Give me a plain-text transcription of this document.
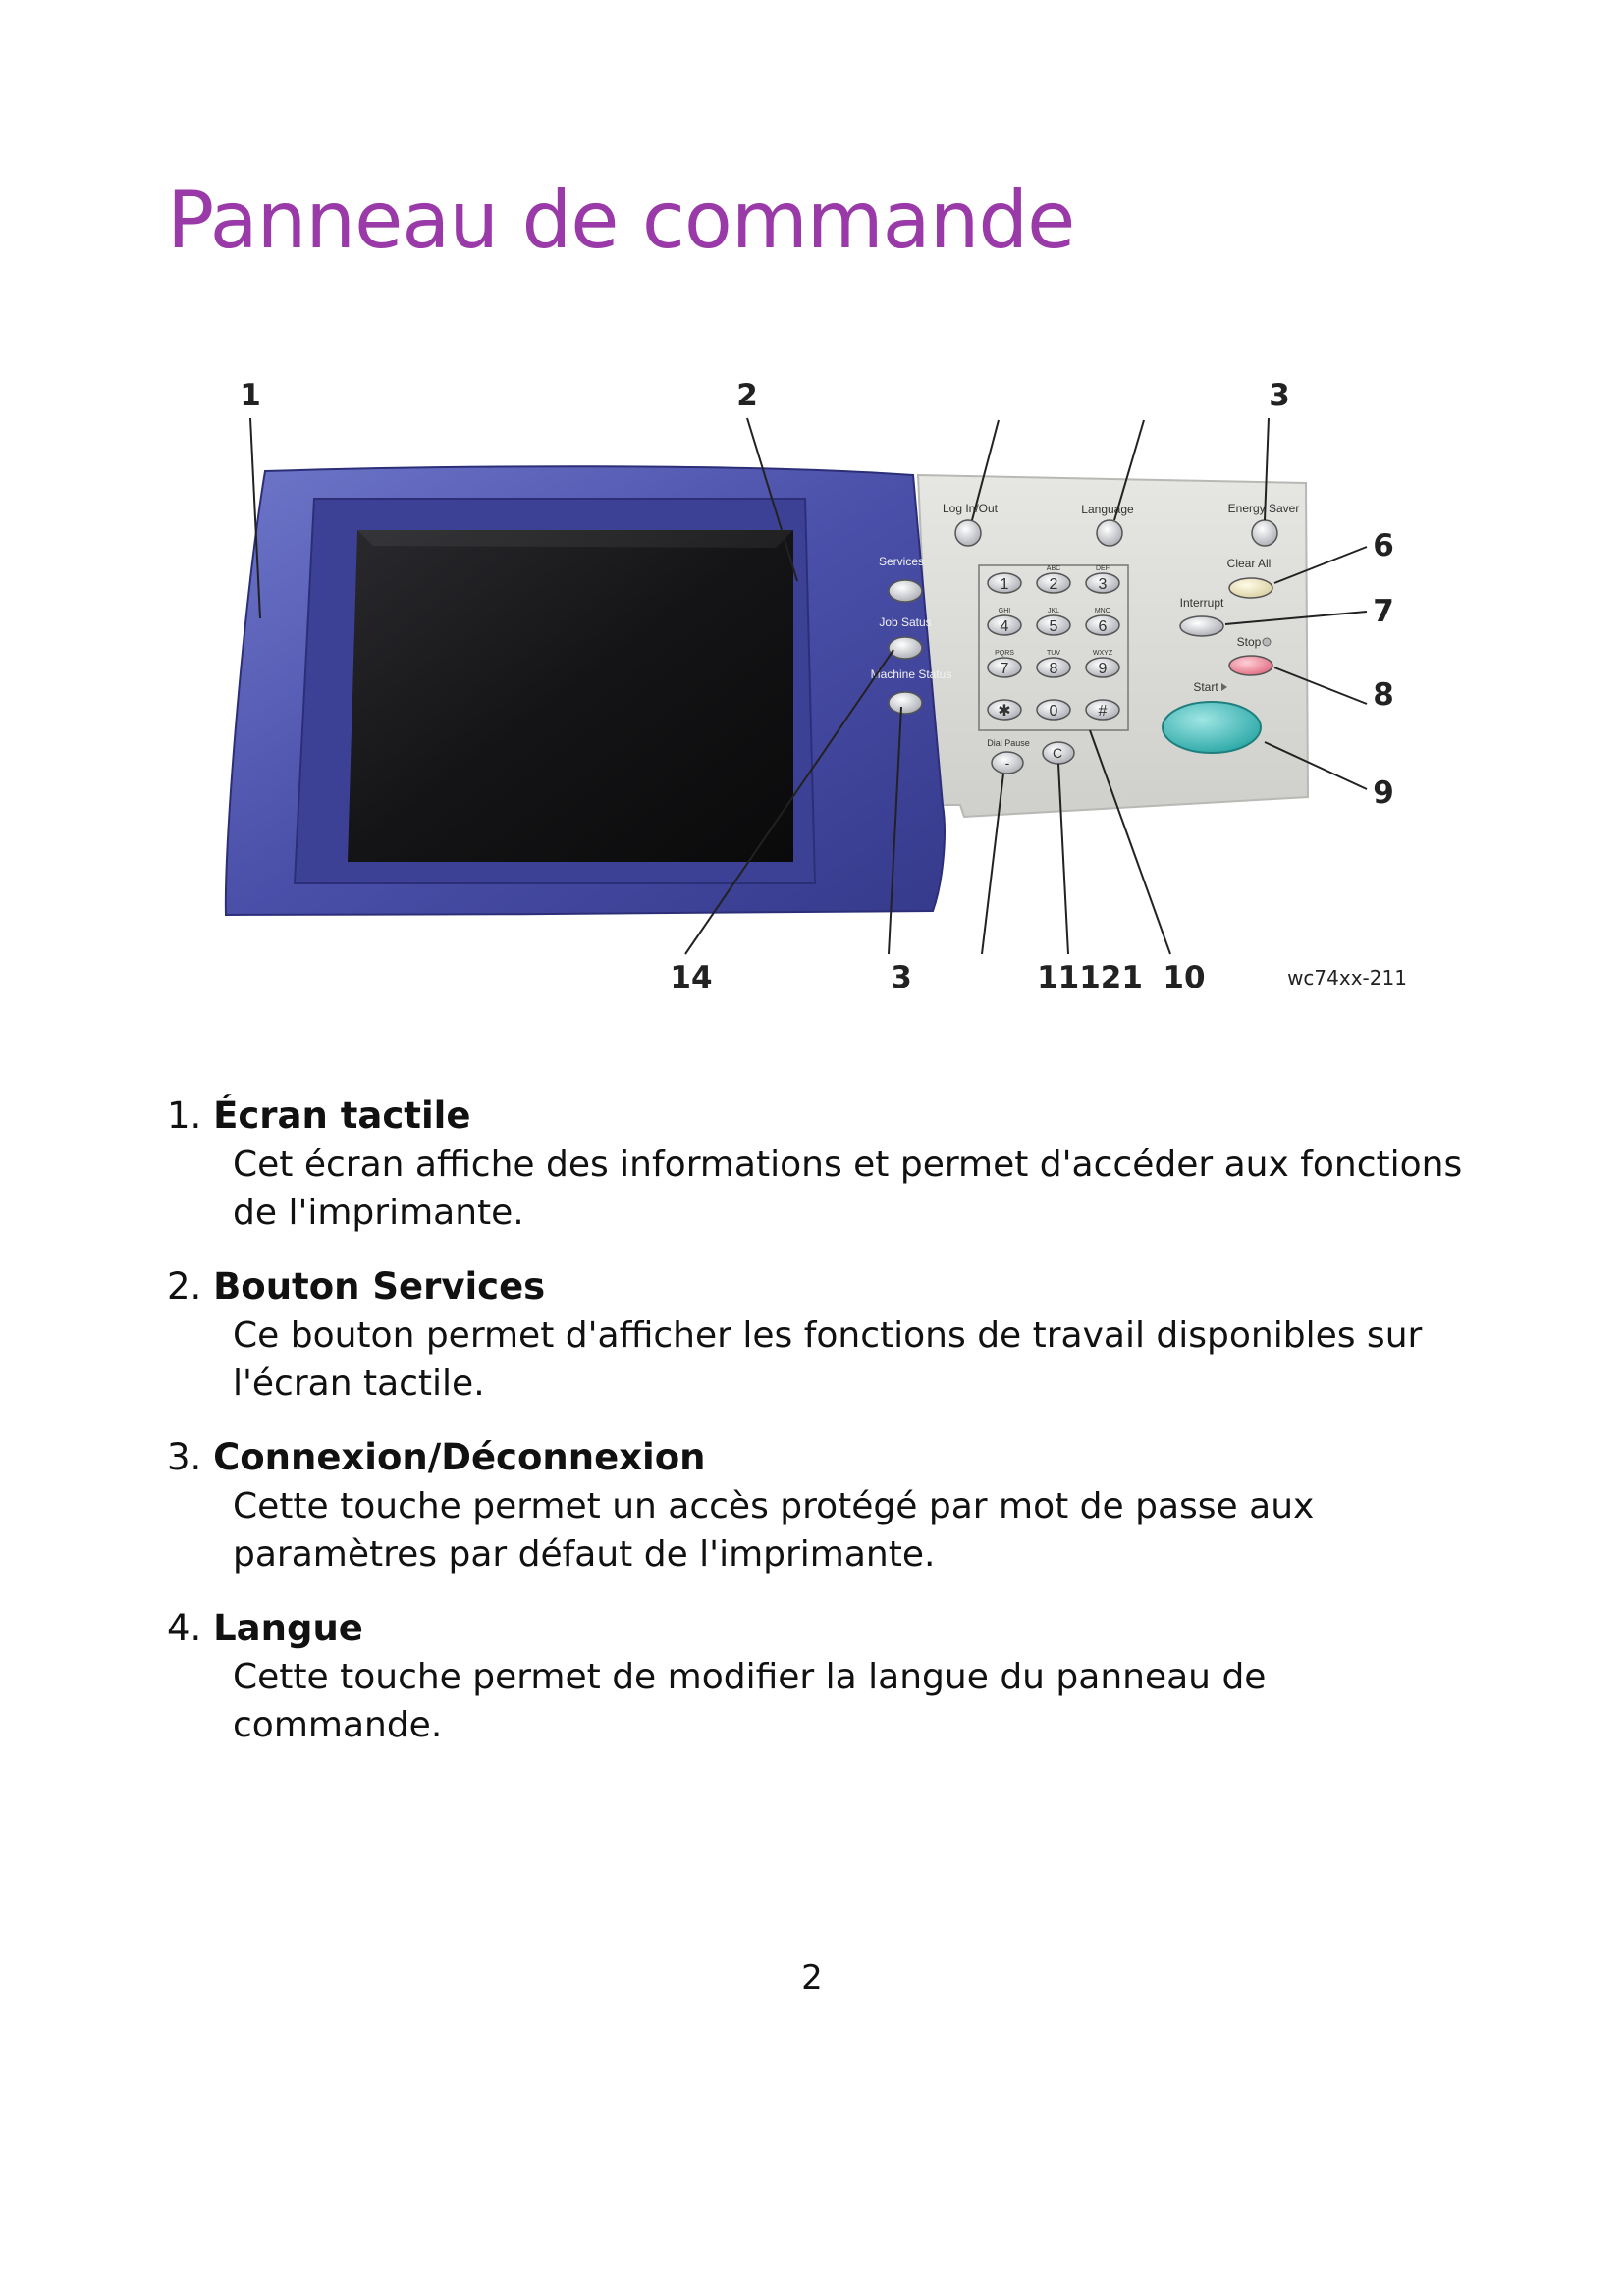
Panneau de commande
Services
Job Satus
Machine Status
Log In/Out	Language	Energy Saver
1	2
ABC
3
DEF
4
GHI
5
JKL
6
MNO
7
PQRS
8
TUV
9
WXYZ
✱ 0	#
Dial Pause
-
C
Clear All
Interrupt
Stop
Start
1	2	3
6
7
8
9
14	3	11121 10	wc74xx-211
1. Écran tactile
Cet écran affiche des informations et permet d'accéder aux fonctions de l'imprimante.
2. Bouton Services
Ce bouton permet d'afficher les fonctions de travail disponibles sur l'écran tactile.
3. Connexion/Déconnexion
Cette touche permet un accès protégé par mot de passe aux paramètres par défaut de l'imprimante.
4. Langue
Cette touche permet de modifier la langue du panneau de commande.
2
